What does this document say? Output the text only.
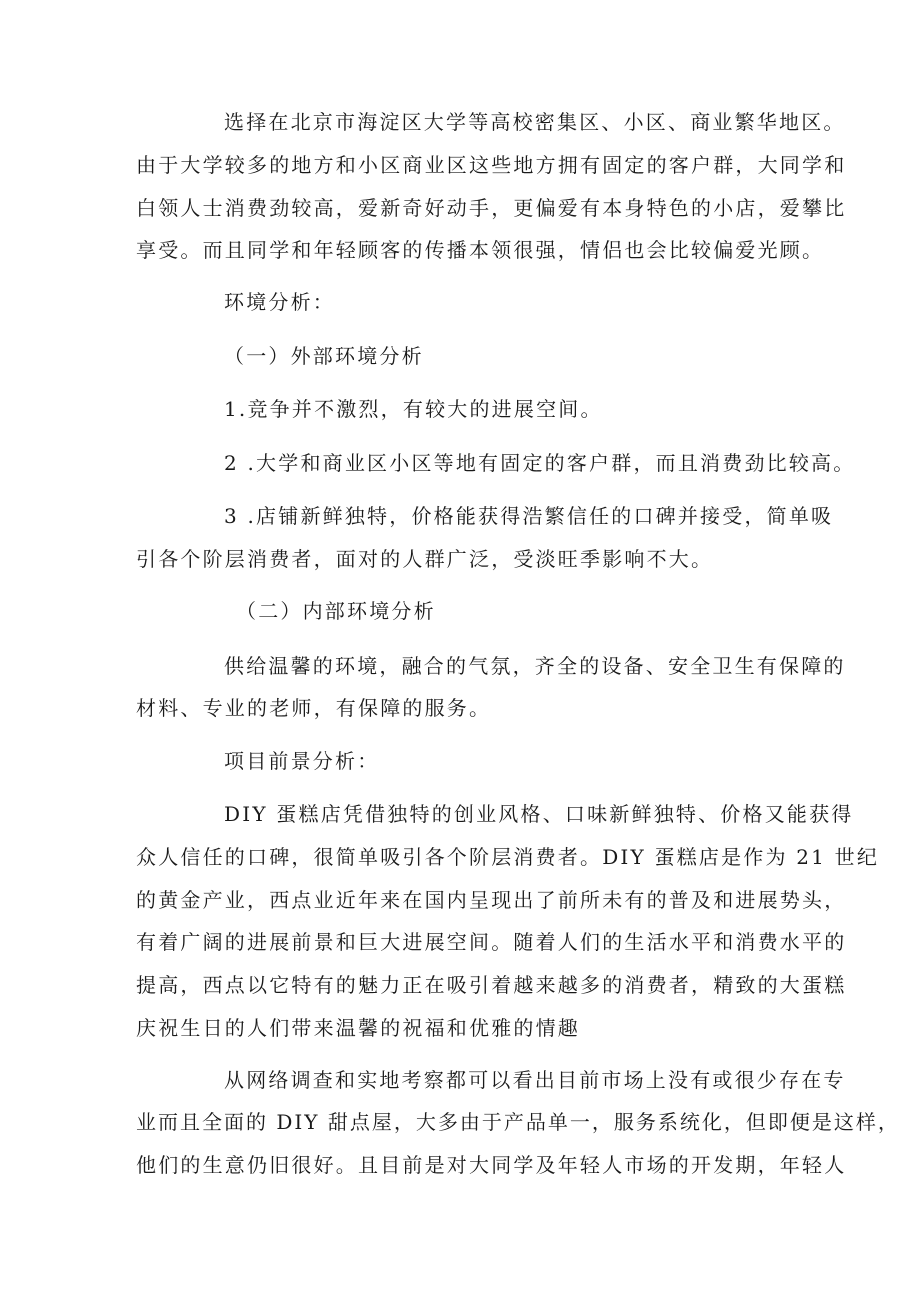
选择在北京市海淀区大学等高校密集区、小区、商业繁华地区。
由于大学较多的地方和小区商业区这些地方拥有固定的客户群，大同学和
白领人士消费劲较高，爱新奇好动手，更偏爱有本身特色的小店，爱攀比
享受。而且同学和年轻顾客的传播本领很强，情侣也会比较偏爱光顾。
环境分析：
（一）外部环境分析
1.竞争并不激烈，有较大的进展空间。
2 .大学和商业区小区等地有固定的客户群，而且消费劲比较高。
3 .店铺新鲜独特，价格能获得浩繁信任的口碑并接受，简单吸
引各个阶层消费者，面对的人群广泛，受淡旺季影响不大。
（二）内部环境分析
供给温馨的环境，融合的气氛，齐全的设备、安全卫生有保障的
材料、专业的老师，有保障的服务。
项目前景分析：
DIY 蛋糕店凭借独特的创业风格、口味新鲜独特、价格又能获得
众人信任的口碑，很简单吸引各个阶层消费者。DIY 蛋糕店是作为 21 世纪
的黄金产业，西点业近年来在国内呈现出了前所未有的普及和进展势头，
有着广阔的进展前景和巨大进展空间。随着人们的生活水平和消费水平的
提高，西点以它特有的魅力正在吸引着越来越多的消费者，精致的大蛋糕
庆祝生日的人们带来温馨的祝福和优雅的情趣
从网络调查和实地考察都可以看出目前市场上没有或很少存在专
业而且全面的 DIY 甜点屋，大多由于产品单一，服务系统化，但即便是这样，
他们的生意仍旧很好。且目前是对大同学及年轻人市场的开发期，年轻人
